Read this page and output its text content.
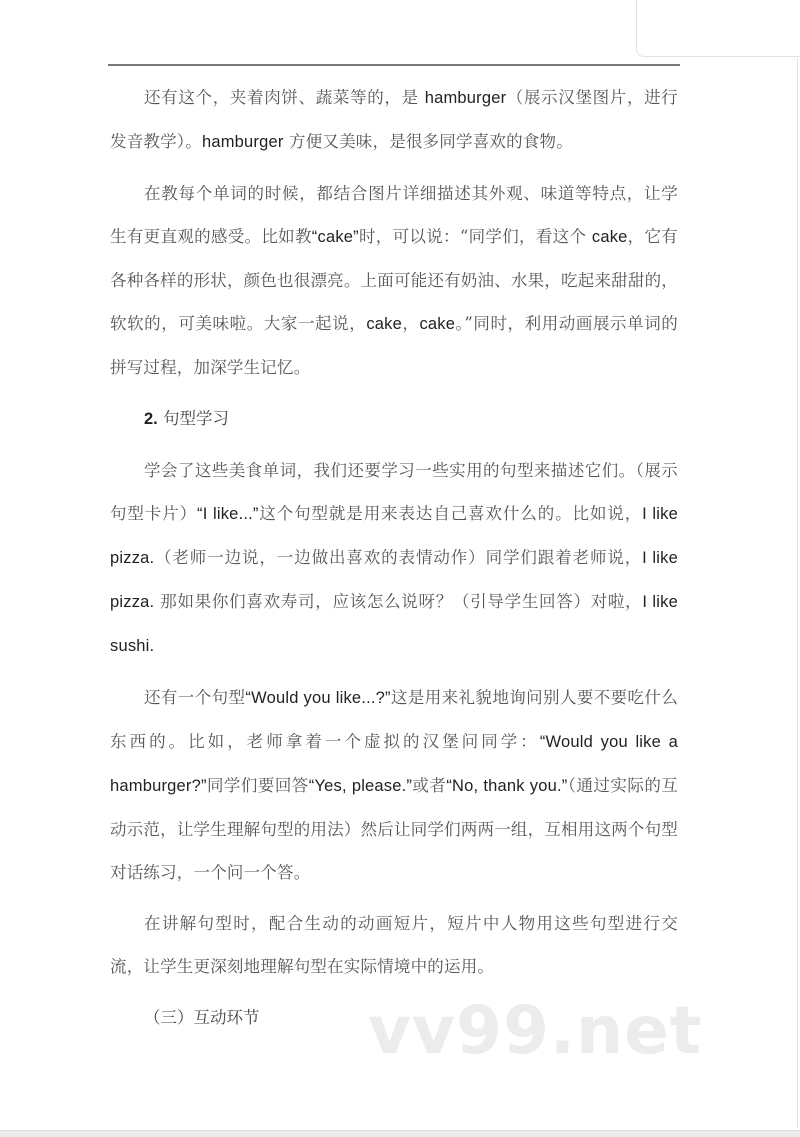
还有这个，夹着肉饼、蔬菜等的，是 hamburger（展示汉堡图片，进行发音教学）。hamburger 方便又美味，是很多同学喜欢的食物。

在教每个单词的时候，都结合图片详细描述其外观、味道等特点，让学生有更直观的感受。比如教“cake”时，可以说：“同学们，看这个 cake，它有各种各样的形状，颜色也很漂亮。上面可能还有奶油、水果，吃起来甜甜的，软软的，可美味啦。大家一起说，cake，cake。”同时，利用动画展示单词的拼写过程，加深学生记忆。

2. 句型学习

学会了这些美食单词，我们还要学习一些实用的句型来描述它们。（展示句型卡片）“I like...”这个句型就是用来表达自己喜欢什么的。比如说，I like pizza.（老师一边说，一边做出喜欢的表情动作）同学们跟着老师说，I like pizza. 那如果你们喜欢寿司，应该怎么说呀？（引导学生回答）对啦，I like sushi.

还有一个句型“Would you like...?”这是用来礼貌地询问别人要不要吃什么东西的。比如，老师拿着一个虚拟的汉堡问同学：“Would you like a hamburger?”同学们要回答“Yes, please.”或者“No, thank you.”（通过实际的互动示范，让学生理解句型的用法）然后让同学们两两一组，互相用这两个句型对话练习，一个问一个答。

在讲解句型时，配合生动的动画短片，短片中人物用这些句型进行交流，让学生更深刻地理解句型在实际情境中的运用。

（三）互动环节	vv99.net
